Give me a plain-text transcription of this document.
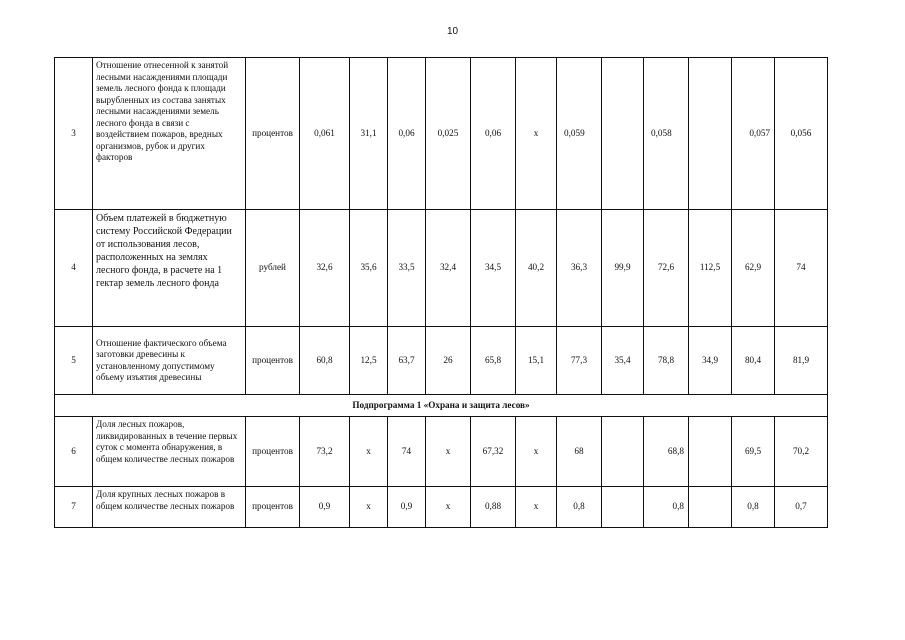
10
3	Отношение отнесенной к занятой лесными насаждениями площади земель лесного фонда к площади вырубленных из состава занятых лесными насаждениями земель лесного фонда в связи с воздействием пожаров, вредных организмов, рубок и других факторов	процентов	0,061	31,1	0,06	0,025	0,06	x	0,059		0,058		0,057	0,056
4	Объем платежей в бюджетную систему Российской Федерации от использования лесов, расположенных на землях лесного фонда, в расчете на 1 гектар земель лесного фонда	рублей	32,6	35,6	33,5	32,4	34,5	40,2	36,3	99,9	72,6	112,5	62,9	74
5	Отношение фактического объема заготовки древесины к установленному допустимому объему изъятия древесины	процентов	60,8	12,5	63,7	26	65,8	15,1	77,3	35,4	78,8	34,9	80,4	81,9
Подпрограмма 1 «Охрана и защита лесов»														
6	Доля лесных пожаров, ликвидированных в течение первых суток с момента обнаружения, в общем количестве лесных пожаров	процентов	73,2	x	74	x	67,32	x	68		68,8		69,5	70,2
7	Доля крупных лесных пожаров в общем количестве лесных пожаров	процентов	0,9	x	0,9	x	0,88	x	0,8		0,8		0,8	0,7
